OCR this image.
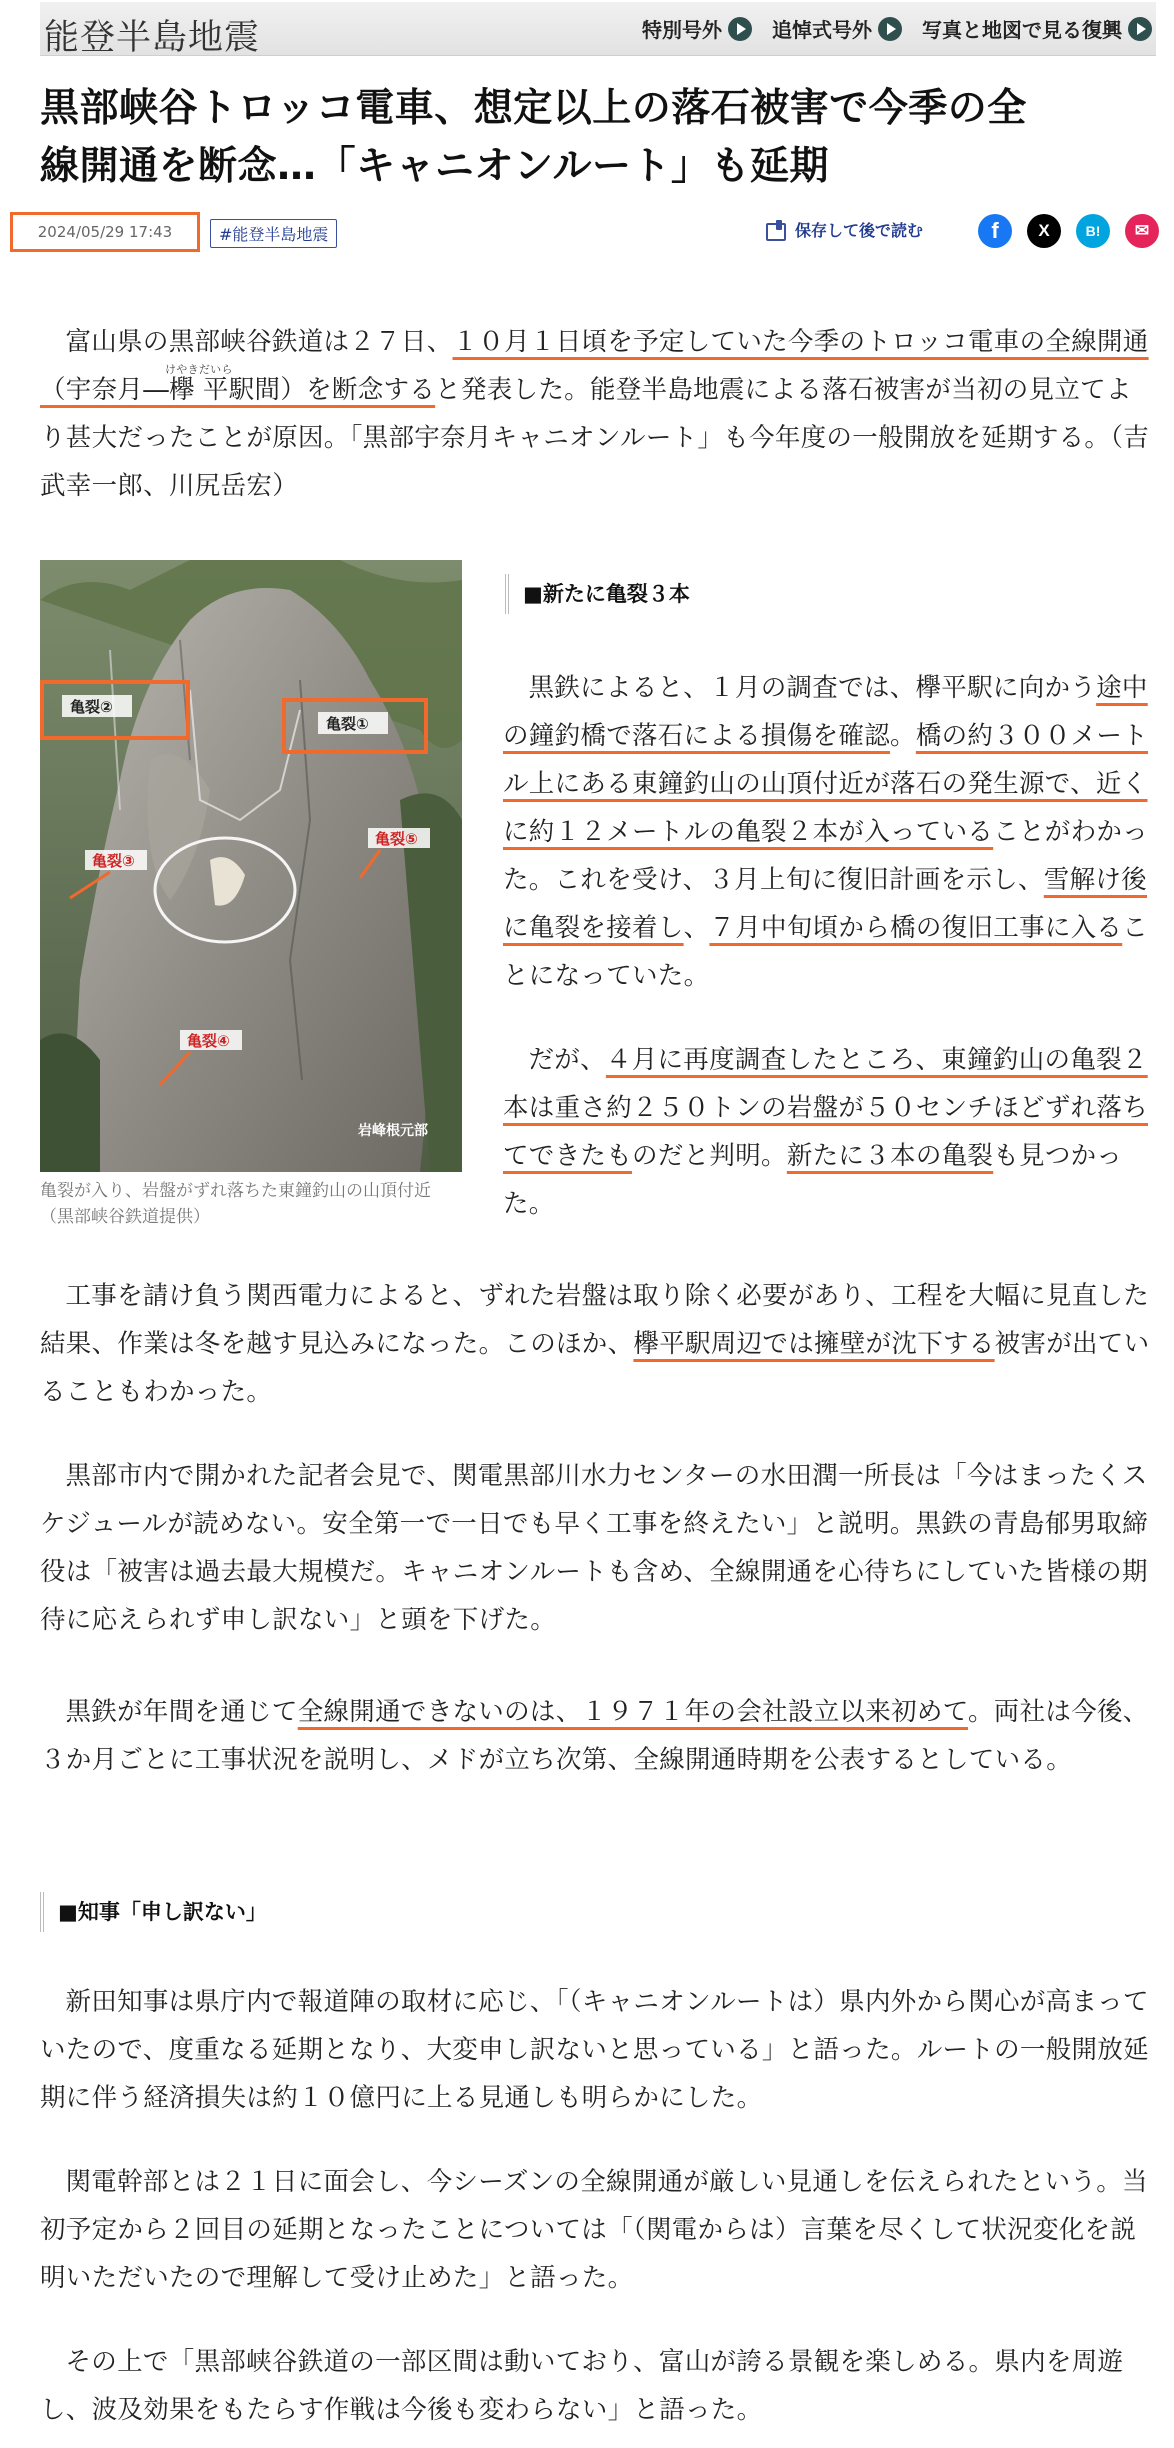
能登半島地震	特別号外	追悼式号外	写真と地図で見る復興
黒部峡谷トロッコ電車、想定以上の落石被害で今季の全
線開通を断念…「キャニオンルート」も延期
2024/05/29 17:43	#能登半島地震	保存して後で読む	f	X	B!	✉

富山県の黒部峡谷鉄道は２７日、１０月１日頃を予定していた今季のトロッコ電車の全線開通（宇奈月―欅平けやきだいら駅間）を断念すると発表した。能登半島地震による落石被害が当初の見立てより甚大だったことが原因。「黒部宇奈月キャニオンルート」も今年度の一般開放を延期する。（吉武幸一郎、川尻岳宏）

亀裂②
亀裂①
亀裂③
亀裂⑤
亀裂④
岩峰根元部
亀裂が入り、岩盤がずれ落ちた東鐘釣山の山頂付近
（黒部峡谷鉄道提供）
■新たに亀裂３本

黒鉄によると、１月の調査では、欅平駅に向かう途中の鐘釣橋で落石による損傷を確認。橋の約３００メートル上にある東鐘釣山の山頂付近が落石の発生源で、近くに約１２メートルの亀裂２本が入っていることがわかった。これを受け、３月上旬に復旧計画を示し、雪解け後に亀裂を接着し、７月中旬頃から橋の復旧工事に入ることになっていた。

だが、４月に再度調査したところ、東鐘釣山の亀裂２本は重さ約２５０トンの岩盤が５０センチほどずれ落ちてできたものだと判明。新たに３本の亀裂も見つかった。

工事を請け負う関西電力によると、ずれた岩盤は取り除く必要があり、工程を大幅に見直した結果、作業は冬を越す見込みになった。このほか、欅平駅周辺では擁壁が沈下する被害が出ていることもわかった。

黒部市内で開かれた記者会見で、関電黒部川水力センターの水田潤一所長は「今はまったくスケジュールが読めない。安全第一で一日でも早く工事を終えたい」と説明。黒鉄の青島郁男取締役は「被害は過去最大規模だ。キャニオンルートも含め、全線開通を心待ちにしていた皆様の期待に応えられず申し訳ない」と頭を下げた。

黒鉄が年間を通じて全線開通できないのは、１９７１年の会社設立以来初めて。両社は今後、３か月ごとに工事状況を説明し、メドが立ち次第、全線開通時期を公表するとしている。

■知事「申し訳ない」

新田知事は県庁内で報道陣の取材に応じ、「（キャニオンルートは）県内外から関心が高まっていたので、度重なる延期となり、大変申し訳ないと思っている」と語った。ルートの一般開放延期に伴う経済損失は約１０億円に上る見通しも明らかにした。

関電幹部とは２１日に面会し、今シーズンの全線開通が厳しい見通しを伝えられたという。当初予定から２回目の延期となったことについては「（関電からは）言葉を尽くして状況変化を説明いただいたので理解して受け止めた」と語った。

その上で「黒部峡谷鉄道の一部区間は動いており、富山が誇る景観を楽しめる。県内を周遊し、波及効果をもたらす作戦は今後も変わらない」と語った。
